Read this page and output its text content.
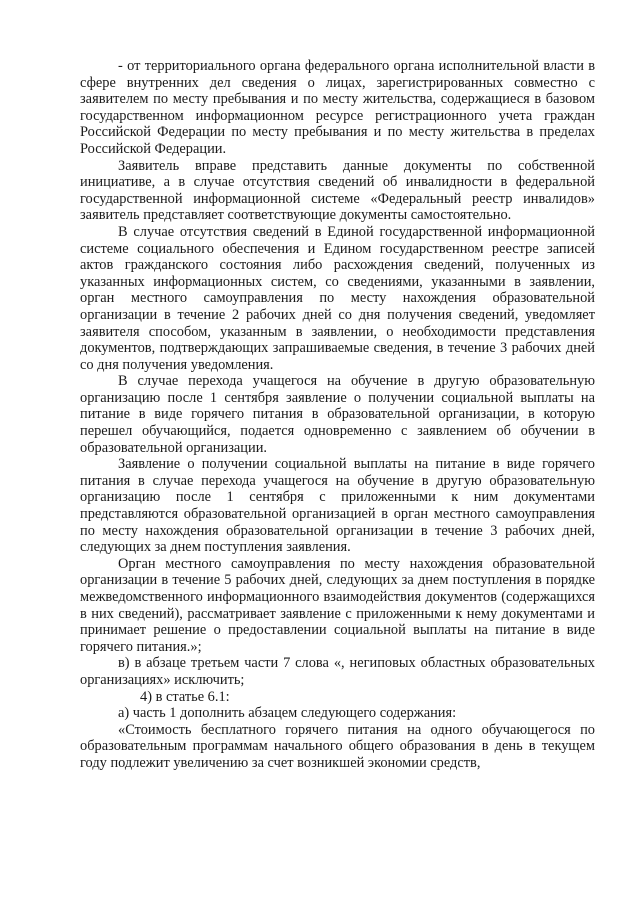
- от территориального органа федерального органа исполнительной власти в сфере внутренних дел сведения о лицах, зарегистрированных совместно с заявителем по месту пребывания и по месту жительства, содержащиеся в базовом государственном информационном ресурсе регистрационного учета граждан Российской Федерации по месту пребывания и по месту жительства в пределах Российской Федерации.

Заявитель вправе представить данные документы по собственной инициативе, а в случае отсутствия сведений об инвалидности в федеральной государственной информационной системе «Федеральный реестр инвалидов» заявитель представляет соответствующие документы самостоятельно.

В случае отсутствия сведений в Единой государственной информационной системе социального обеспечения и Едином государственном реестре записей актов гражданского состояния либо расхождения сведений, полученных из указанных информационных систем, со сведениями, указанными в заявлении, орган местного самоуправления по месту нахождения образовательной организации в течение 2 рабочих дней со дня получения сведений, уведомляет заявителя способом, указанным в заявлении, о необходимости представления документов, подтверждающих запрашиваемые сведения, в течение 3 рабочих дней со дня получения уведомления.

В случае перехода учащегося на обучение в другую образовательную организацию после 1 сентября заявление о получении социальной выплаты на питание в виде горячего питания в образовательной организации, в которую перешел обучающийся, подается одновременно с заявлением об обучении в образовательной организации.

Заявление о получении социальной выплаты на питание в виде горячего питания в случае перехода учащегося на обучение в другую образовательную организацию после 1 сентября с приложенными к ним документами представляются образовательной организацией в орган местного самоуправления по месту нахождения образовательной организации в течение 3 рабочих дней, следующих за днем поступления заявления.

Орган местного самоуправления по месту нахождения образовательной организации в течение 5 рабочих дней, следующих за днем поступления в порядке межведомственного информационного взаимодействия документов (содержащихся в них сведений), рассматривает заявление с приложенными к нему документами и принимает решение о предоставлении социальной выплаты на питание в виде горячего питания.»;

в) в абзаце третьем части 7 слова «, негиповых областных образовательных организациях» исключить;

4) в статье 6.1:

а) часть 1 дополнить абзацем следующего содержания:

«Стоимость бесплатного горячего питания на одного обучающегося по образовательным программам начального общего образования в день в текущем году подлежит увеличению за счет возникшей экономии средств,
